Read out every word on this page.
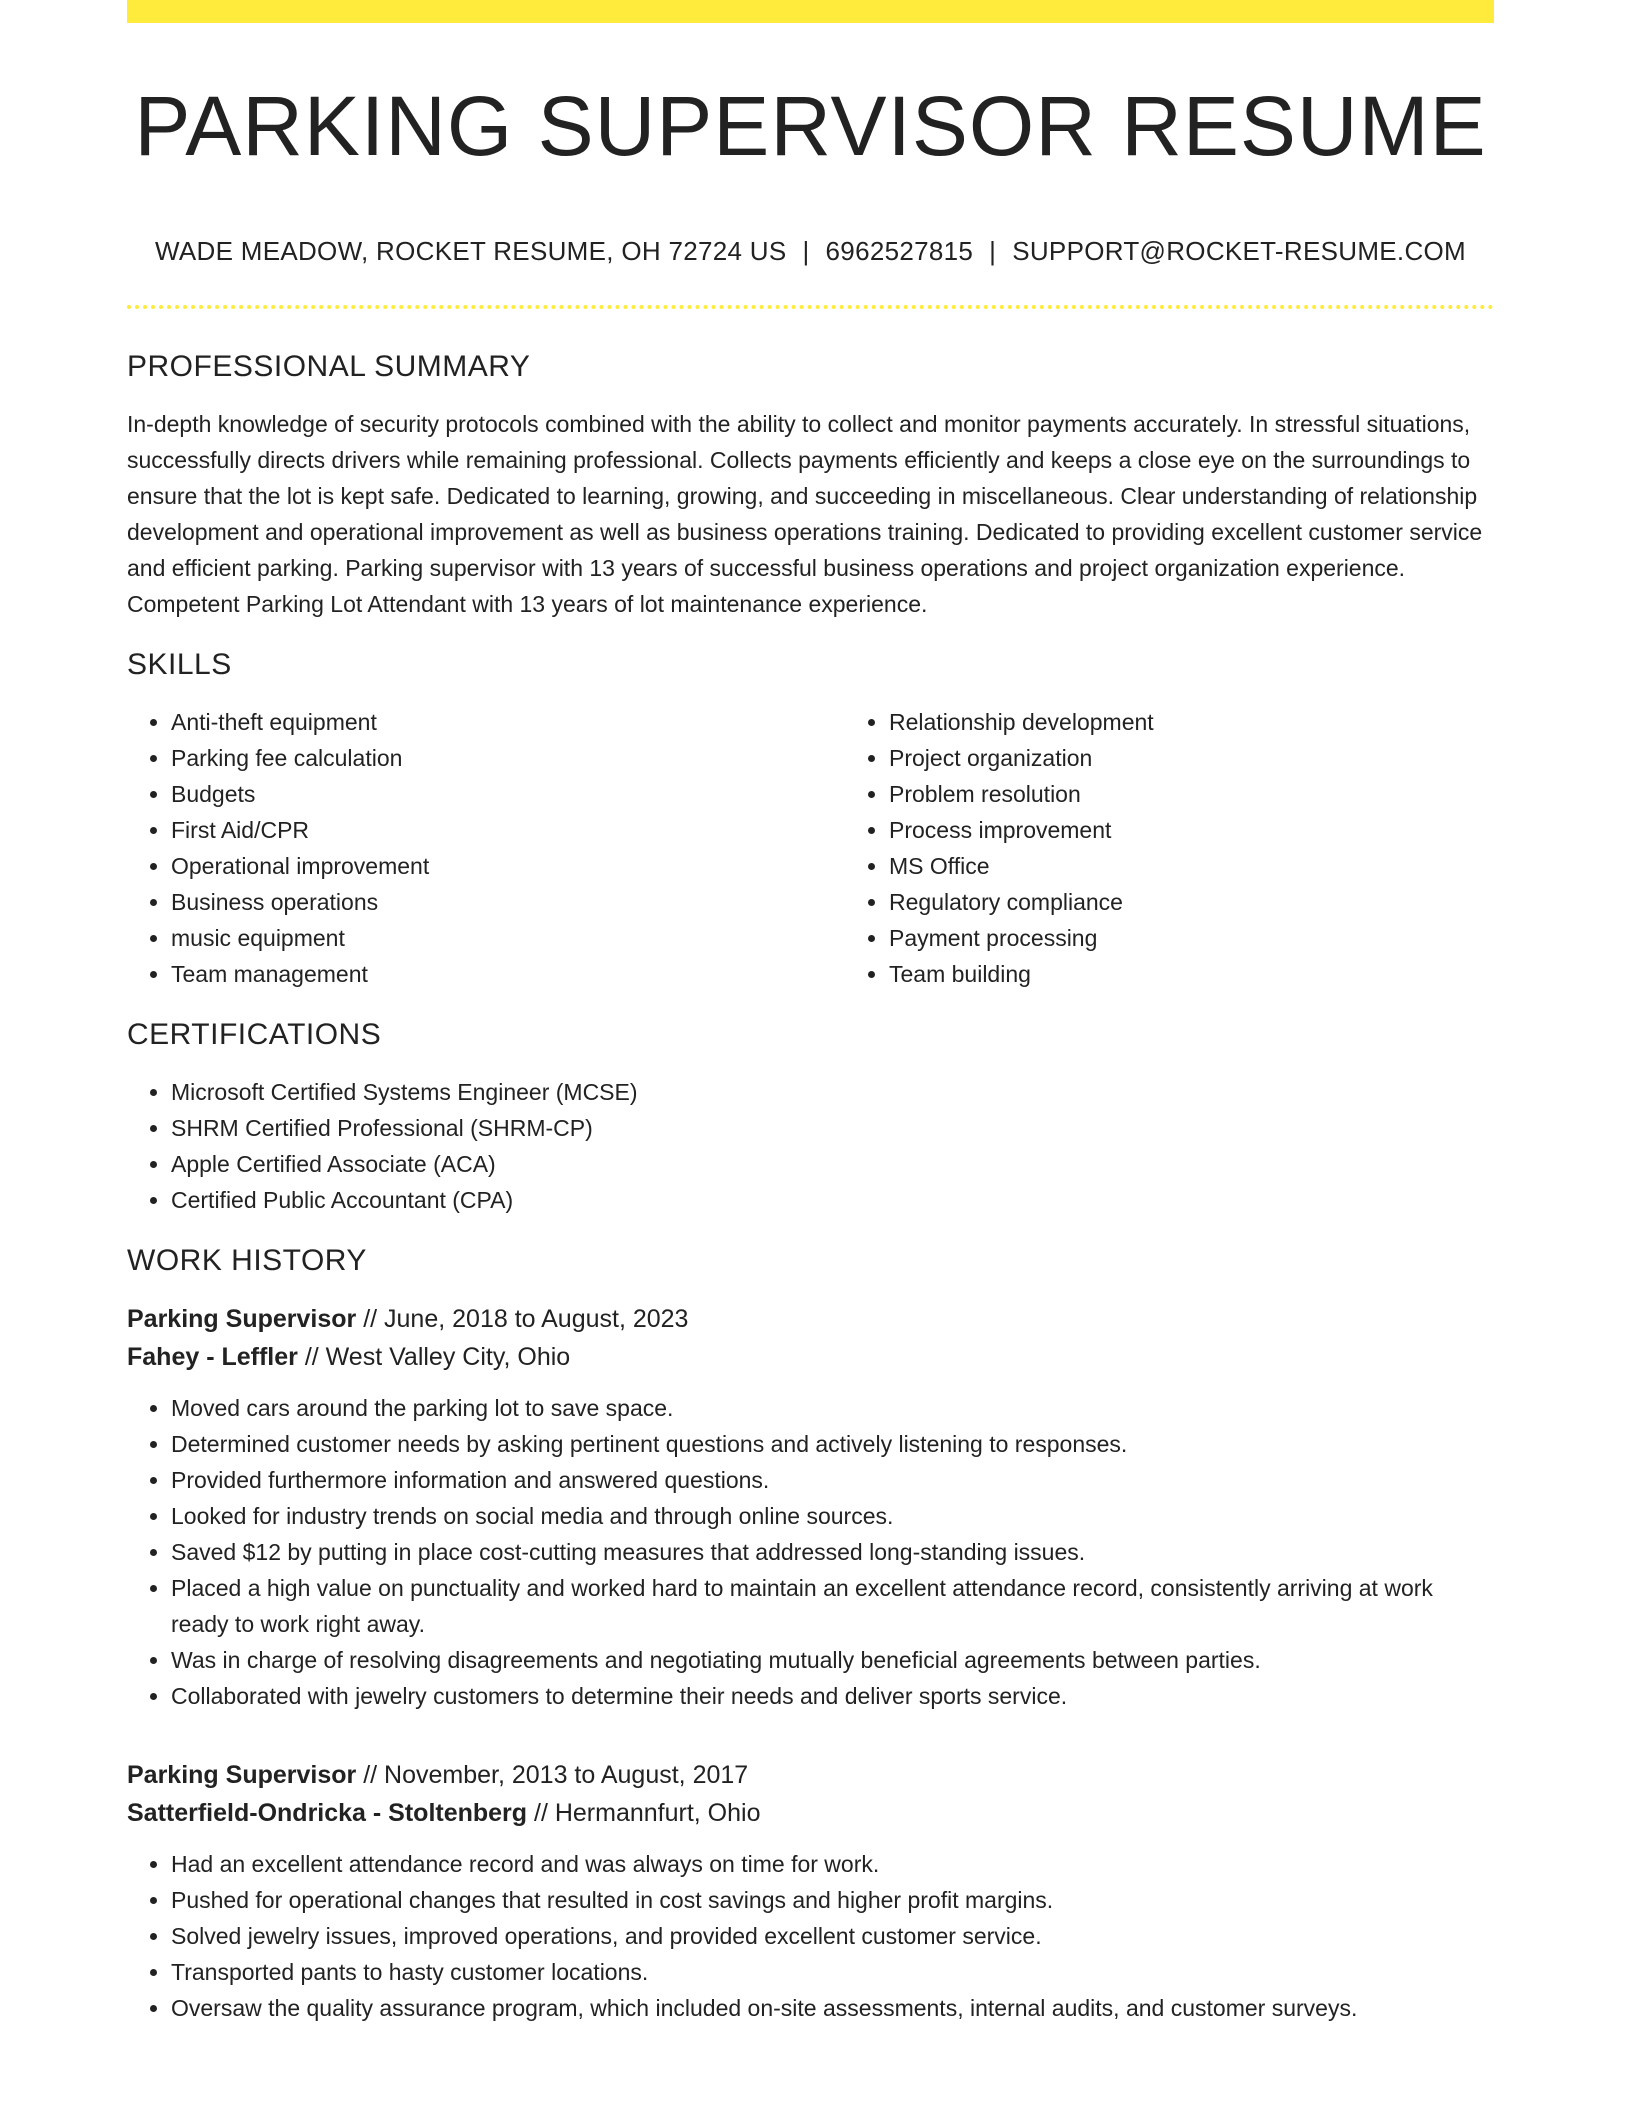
PARKING SUPERVISOR RESUME
WADE MEADOW, ROCKET RESUME, OH 72724 US | 6962527815 | SUPPORT@ROCKET-RESUME.COM
PROFESSIONAL SUMMARY

In-depth knowledge of security protocols combined with the ability to collect and monitor payments accurately. In stressful situations, successfully directs drivers while remaining professional. Collects payments efficiently and keeps a close eye on the surroundings to ensure that the lot is kept safe. Dedicated to learning, growing, and succeeding in miscellaneous. Clear understanding of relationship development and operational improvement as well as business operations training. Dedicated to providing excellent customer service and efficient parking. Parking supervisor with 13 years of successful business operations and project organization experience. Competent Parking Lot Attendant with 13 years of lot maintenance experience.

SKILLS
• Anti-theft equipment
• Parking fee calculation
• Budgets
• First Aid/CPR
• Operational improvement
• Business operations
• music equipment
• Team management
• Relationship development
• Project organization
• Problem resolution
• Process improvement
• MS Office
• Regulatory compliance
• Payment processing
• Team building
CERTIFICATIONS
• Microsoft Certified Systems Engineer (MCSE)
• SHRM Certified Professional (SHRM-CP)
• Apple Certified Associate (ACA)
• Certified Public Accountant (CPA)
WORK HISTORY
Parking Supervisor // June, 2018 to August, 2023
Fahey - Leffler // West Valley City, Ohio
• Moved cars around the parking lot to save space.
• Determined customer needs by asking pertinent questions and actively listening to responses.
• Provided furthermore information and answered questions.
• Looked for industry trends on social media and through online sources.
• Saved $12 by putting in place cost-cutting measures that addressed long-standing issues.
• Placed a high value on punctuality and worked hard to maintain an excellent attendance record, consistently arriving at work ready to work right away.
• Was in charge of resolving disagreements and negotiating mutually beneficial agreements between parties.
• Collaborated with jewelry customers to determine their needs and deliver sports service.
Parking Supervisor // November, 2013 to August, 2017
Satterfield-Ondricka - Stoltenberg // Hermannfurt, Ohio
• Had an excellent attendance record and was always on time for work.
• Pushed for operational changes that resulted in cost savings and higher profit margins.
• Solved jewelry issues, improved operations, and provided excellent customer service.
• Transported pants to hasty customer locations.
• Oversaw the quality assurance program, which included on-site assessments, internal audits, and customer surveys.
